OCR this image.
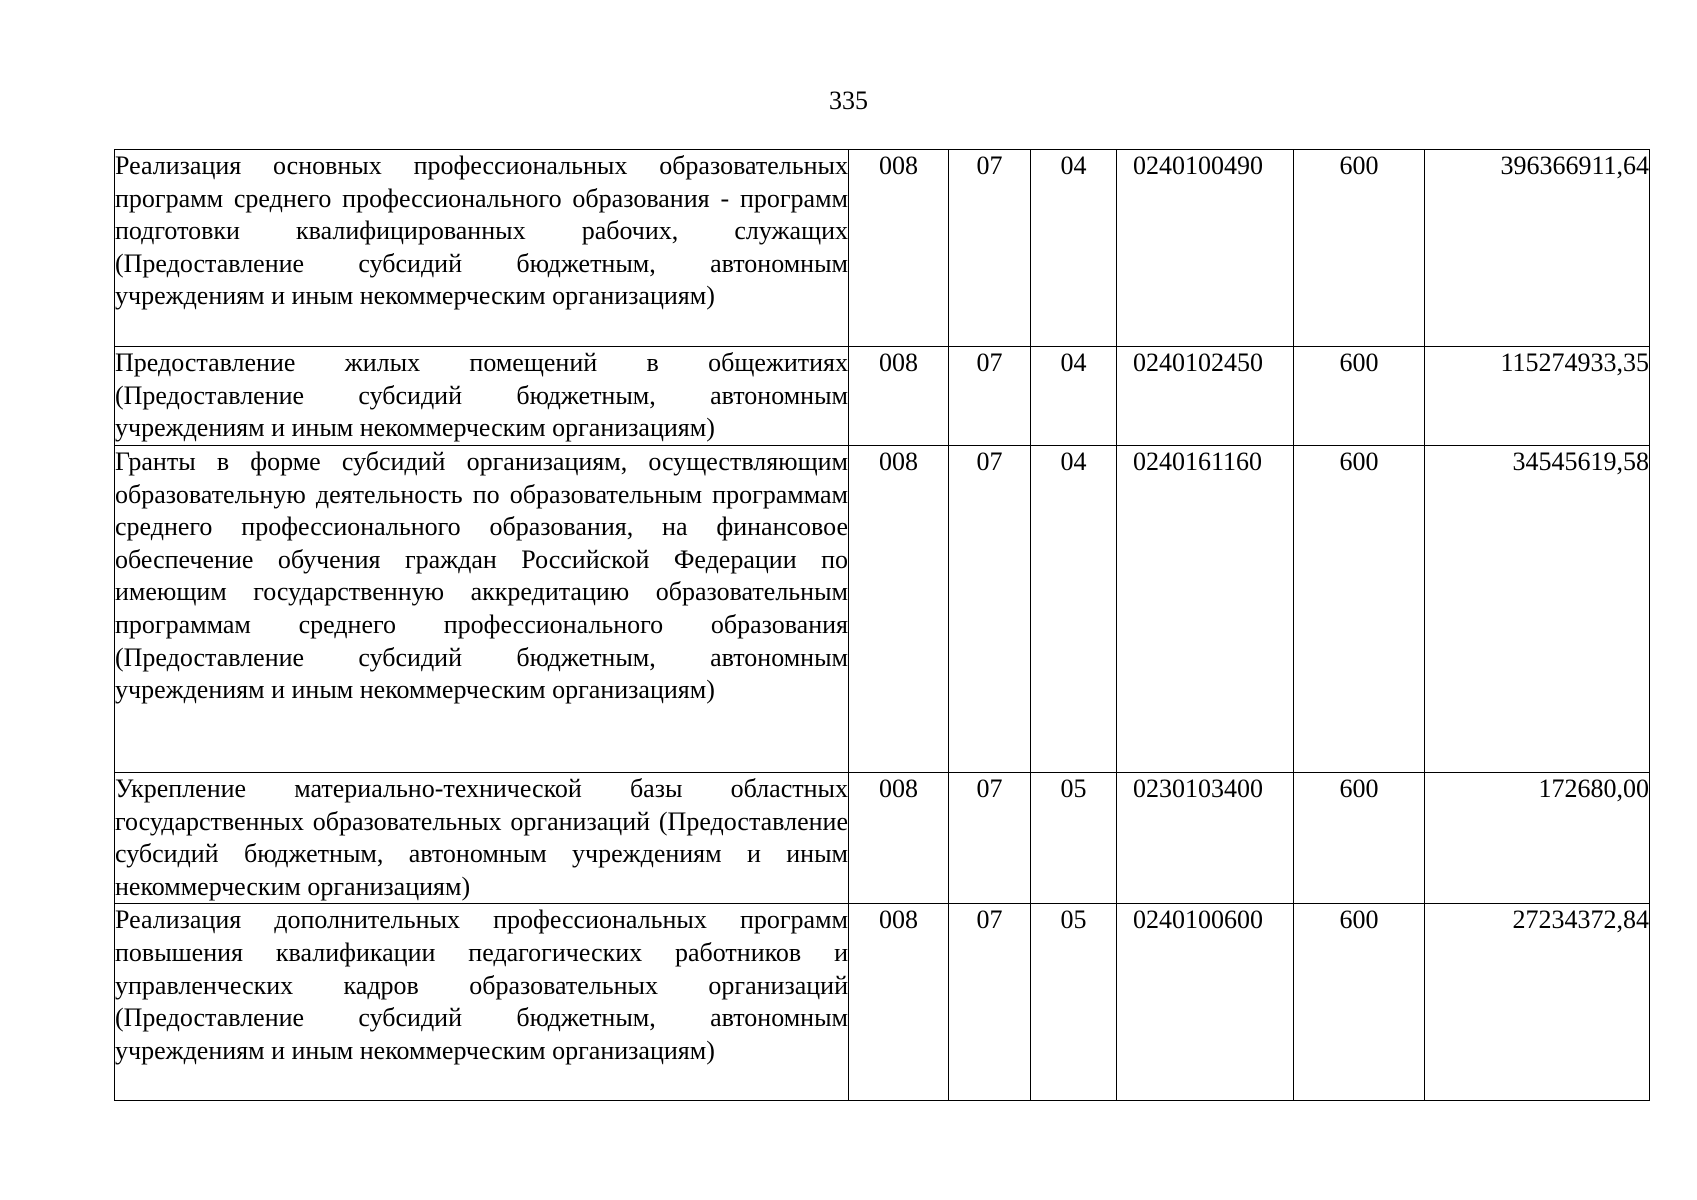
335
Реализация основных профессиональных образовательных программ среднего профессионального образования - программ подготовки квалифицированных рабочих, служащих (Предоставление субсидий бюджетным, автономным учреждениям и иным некоммерческим организациям)	008	07	04	0240100490	600	396366911,64
Предоставление жилых помещений в общежитиях (Предоставление субсидий бюджетным, автономным учреждениям и иным некоммерческим организациям)	008	07	04	0240102450	600	115274933,35
Гранты в форме субсидий организациям, осуществляющим образовательную деятельность по образовательным программам среднего профессионального образования, на финансовое обеспечение обучения граждан Российской Федерации по имеющим государственную аккредитацию образовательным программам среднего профессионального образования (Предоставление субсидий бюджетным, автономным учреждениям и иным некоммерческим организациям)	008	07	04	0240161160	600	34545619,58
Укрепление материально-технической базы областных государственных образовательных организаций (Предоставление субсидий бюджетным, автономным учреждениям и иным некоммерческим организациям)	008	07	05	0230103400	600	172680,00
Реализация дополнительных профессиональных программ повышения квалификации педагогических работников и управленческих кадров образовательных организаций (Предоставление субсидий бюджетным, автономным учреждениям и иным некоммерческим организациям)	008	07	05	0240100600	600	27234372,84
